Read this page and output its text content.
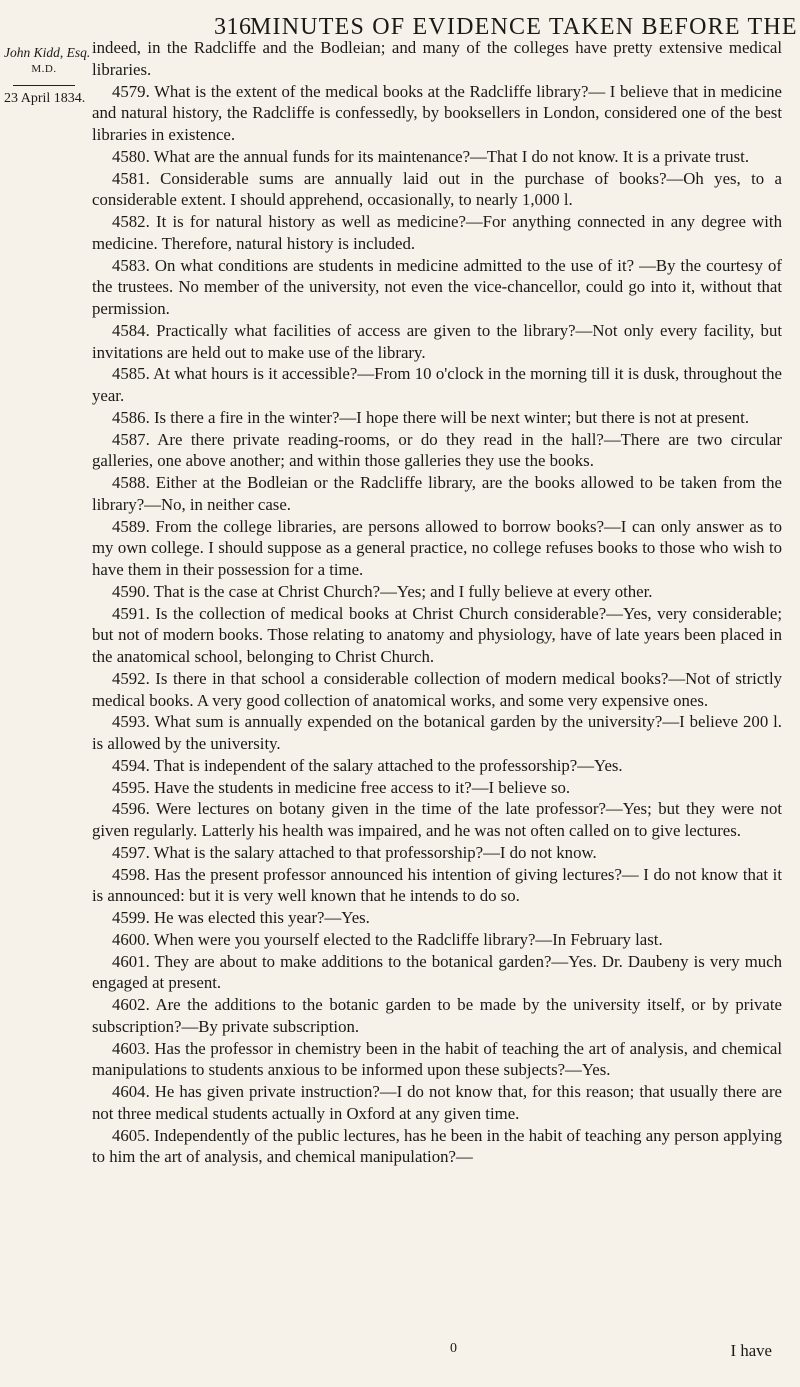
316
MINUTES OF EVIDENCE TAKEN BEFORE THE
John Kidd, Esq.
M.D.
23 April 1834.

indeed, in the Radcliffe and the Bodleian; and many of the colleges have pretty extensive medical libraries.

4579. What is the extent of the medical books at the Radcliffe library?— I believe that in medicine and natural history, the Radcliffe is confessedly, by booksellers in London, considered one of the best libraries in existence.

4580. What are the annual funds for its maintenance?—That I do not know. It is a private trust.

4581. Considerable sums are annually laid out in the purchase of books?—Oh yes, to a considerable extent. I should apprehend, occasionally, to nearly 1,000 l.

4582. It is for natural history as well as medicine?—For anything connected in any degree with medicine. Therefore, natural history is included.

4583. On what conditions are students in medicine admitted to the use of it? —By the courtesy of the trustees. No member of the university, not even the vice-chancellor, could go into it, without that permission.

4584. Practically what facilities of access are given to the library?—Not only every facility, but invitations are held out to make use of the library.

4585. At what hours is it accessible?—From 10 o'clock in the morning till it is dusk, throughout the year.

4586. Is there a fire in the winter?—I hope there will be next winter; but there is not at present.

4587. Are there private reading-rooms, or do they read in the hall?—There are two circular galleries, one above another; and within those galleries they use the books.

4588. Either at the Bodleian or the Radcliffe library, are the books allowed to be taken from the library?—No, in neither case.

4589. From the college libraries, are persons allowed to borrow books?—I can only answer as to my own college. I should suppose as a general practice, no college refuses books to those who wish to have them in their possession for a time.

4590. That is the case at Christ Church?—Yes; and I fully believe at every other.

4591. Is the collection of medical books at Christ Church considerable?—Yes, very considerable; but not of modern books. Those relating to anatomy and physiology, have of late years been placed in the anatomical school, belonging to Christ Church.

4592. Is there in that school a considerable collection of modern medical books?—Not of strictly medical books. A very good collection of anatomical works, and some very expensive ones.

4593. What sum is annually expended on the botanical garden by the university?—I believe 200 l. is allowed by the university.

4594. That is independent of the salary attached to the professorship?—Yes.

4595. Have the students in medicine free access to it?—I believe so.

4596. Were lectures on botany given in the time of the late professor?—Yes; but they were not given regularly. Latterly his health was impaired, and he was not often called on to give lectures.

4597. What is the salary attached to that professorship?—I do not know.

4598. Has the present professor announced his intention of giving lectures?— I do not know that it is announced: but it is very well known that he intends to do so.

4599. He was elected this year?—Yes.

4600. When were you yourself elected to the Radcliffe library?—In February last.

4601. They are about to make additions to the botanical garden?—Yes. Dr. Daubeny is very much engaged at present.

4602. Are the additions to the botanic garden to be made by the university itself, or by private subscription?—By private subscription.

4603. Has the professor in chemistry been in the habit of teaching the art of analysis, and chemical manipulations to students anxious to be informed upon these subjects?—Yes.

4604. He has given private instruction?—I do not know that, for this reason; that usually there are not three medical students actually in Oxford at any given time.

4605. Independently of the public lectures, has he been in the habit of teaching any person applying to him the art of analysis, and chemical manipulation?—

0	I have
